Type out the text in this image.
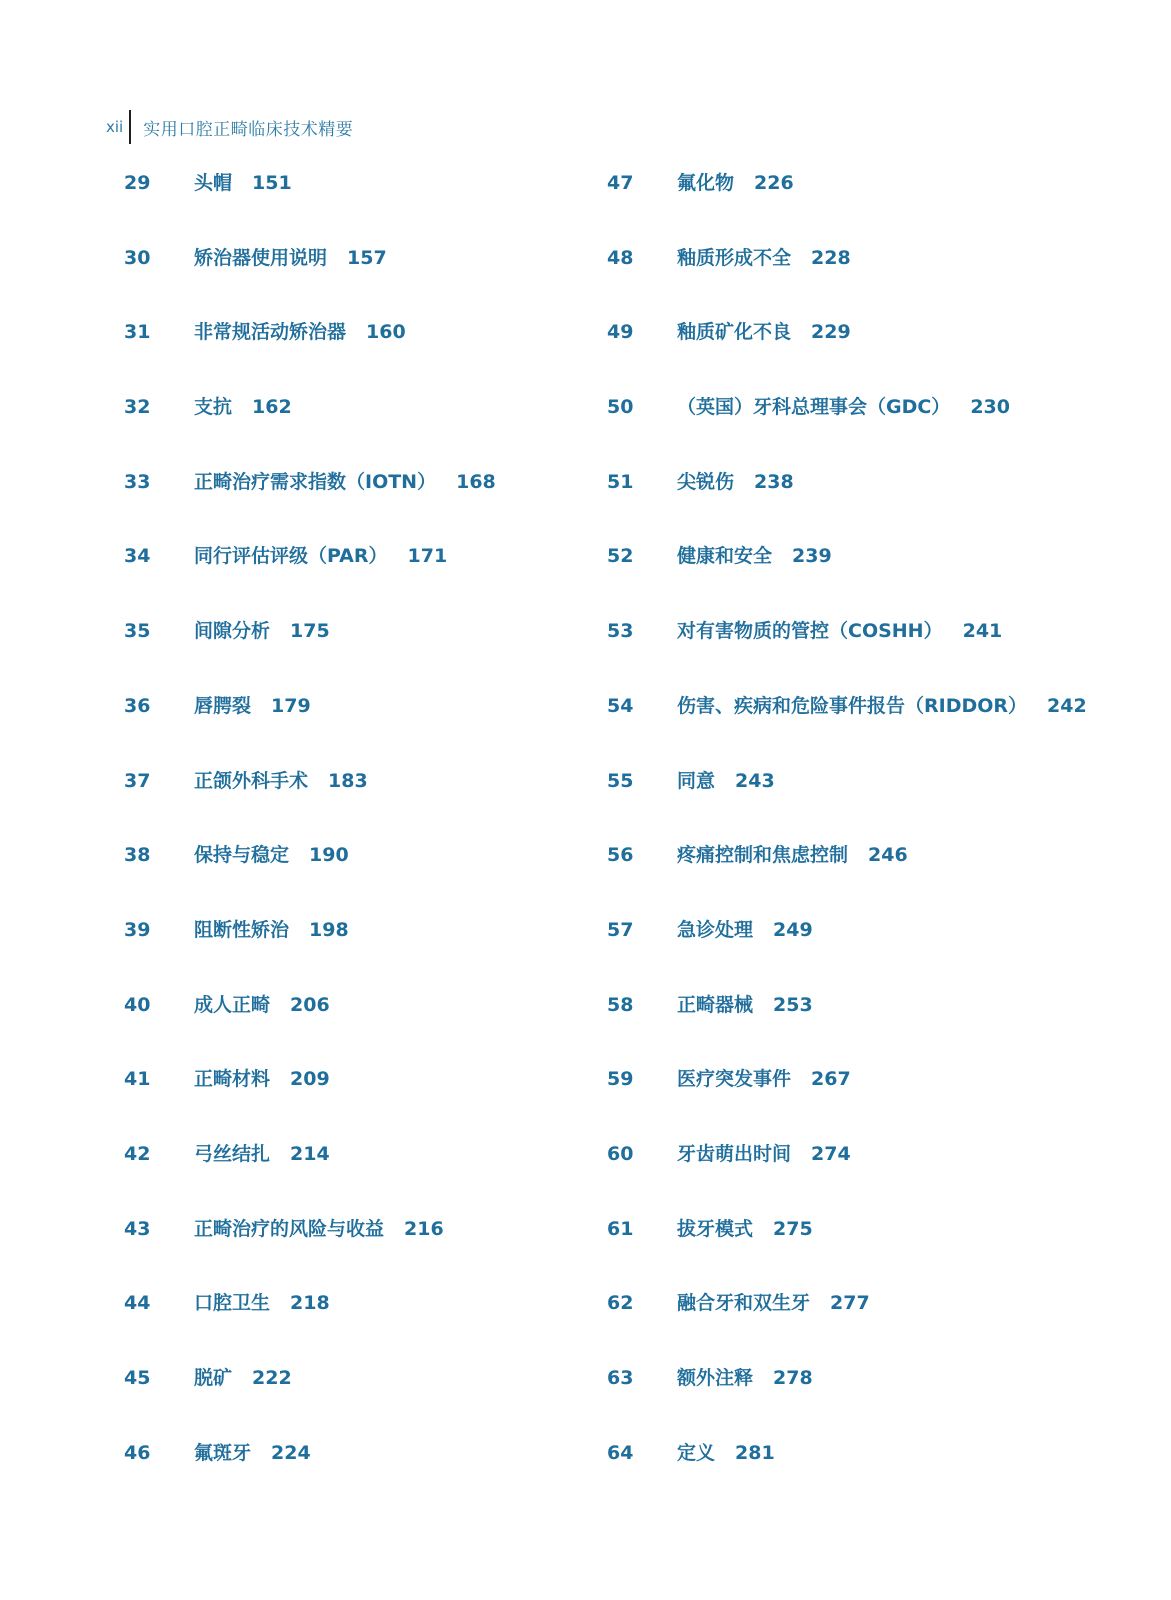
xii	实用口腔正畸临床技术精要
29	头帽 151
30	矫治器使用说明 157
31	非常规活动矫治器 160
32	支抗 162
33	正畸治疗需求指数（IOTN） 168
34	同行评估评级（PAR） 171
35	间隙分析 175
36	唇腭裂 179
37	正颌外科手术 183
38	保持与稳定 190
39	阻断性矫治 198
40	成人正畸 206
41	正畸材料 209
42	弓丝结扎 214
43	正畸治疗的风险与收益 216
44	口腔卫生 218
45	脱矿 222
46	氟斑牙 224
47	氟化物 226
48	釉质形成不全 228
49	釉质矿化不良 229
50	（英国）牙科总理事会（GDC） 230
51	尖锐伤 238
52	健康和安全 239
53	对有害物质的管控（COSHH） 241
54	伤害、疾病和危险事件报告（RIDDOR） 242
55	同意 243
56	疼痛控制和焦虑控制 246
57	急诊处理 249
58	正畸器械 253
59	医疗突发事件 267
60	牙齿萌出时间 274
61	拔牙模式 275
62	融合牙和双生牙 277
63	额外注释 278
64	定义 281
